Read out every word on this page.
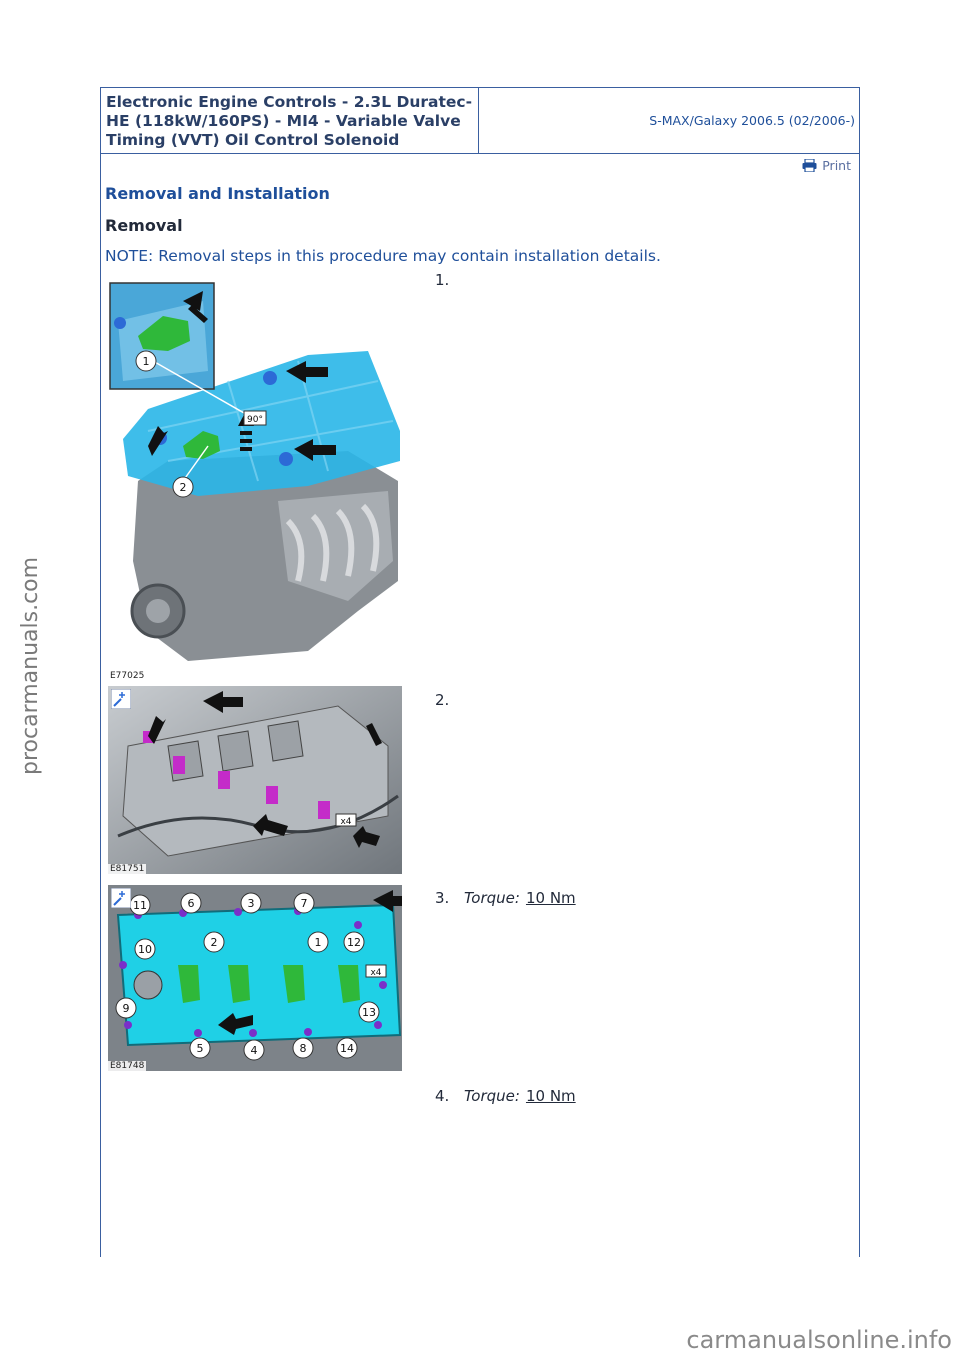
Electronic Engine Controls - 2.3L Duratec-HE (118kW/160PS) - MI4 - Variable Valve Timing (VVT) Oil Control Solenoid
S-MAX/Galaxy 2006.5 (02/2006-)
Print
Removal and Installation
Removal
NOTE: Removal steps in this procedure may contain installation details.
1
2
90°
E77025
1.
x4
E81751
2.
11	6	3	7
2	1 12
10
9	13
5	4	8	14
x4
E81748
3. Torque: 10 Nm
4. Torque: 10 Nm
procarmanuals.com
carmanualsonline.info
